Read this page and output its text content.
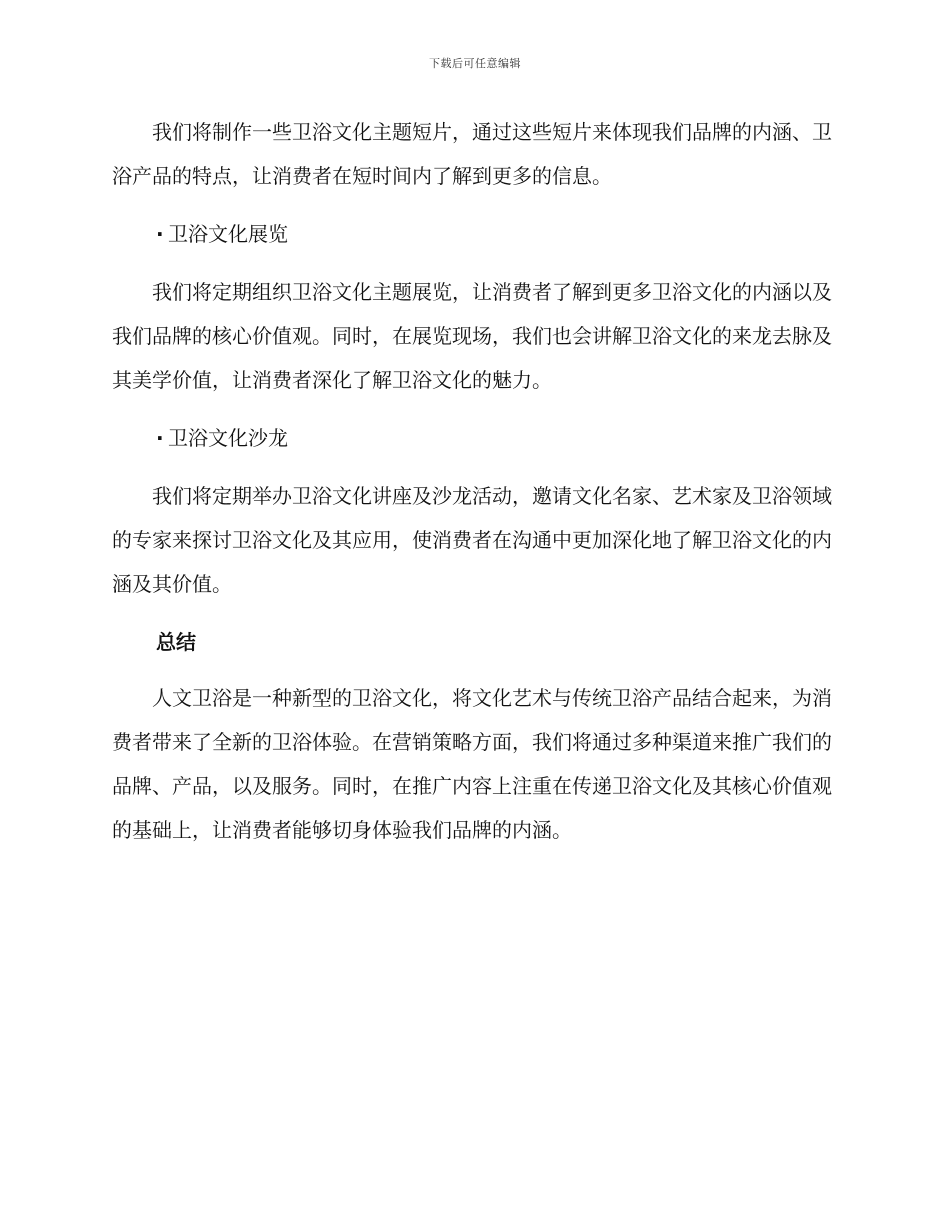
下载后可任意编辑

我们将制作一些卫浴文化主题短片，通过这些短片来体现我们品牌的内涵、卫浴产品的特点，让消费者在短时间内了解到更多的信息。

· 卫浴文化展览

我们将定期组织卫浴文化主题展览，让消费者了解到更多卫浴文化的内涵以及我们品牌的核心价值观。同时，在展览现场，我们也会讲解卫浴文化的来龙去脉及其美学价值，让消费者深化了解卫浴文化的魅力。

· 卫浴文化沙龙

我们将定期举办卫浴文化讲座及沙龙活动，邀请文化名家、艺术家及卫浴领域的专家来探讨卫浴文化及其应用，使消费者在沟通中更加深化地了解卫浴文化的内涵及其价值。

总结

人文卫浴是一种新型的卫浴文化，将文化艺术与传统卫浴产品结合起来，为消费者带来了全新的卫浴体验。在营销策略方面，我们将通过多种渠道来推广我们的品牌、产品，以及服务。同时，在推广内容上注重在传递卫浴文化及其核心价值观的基础上，让消费者能够切身体验我们品牌的内涵。
